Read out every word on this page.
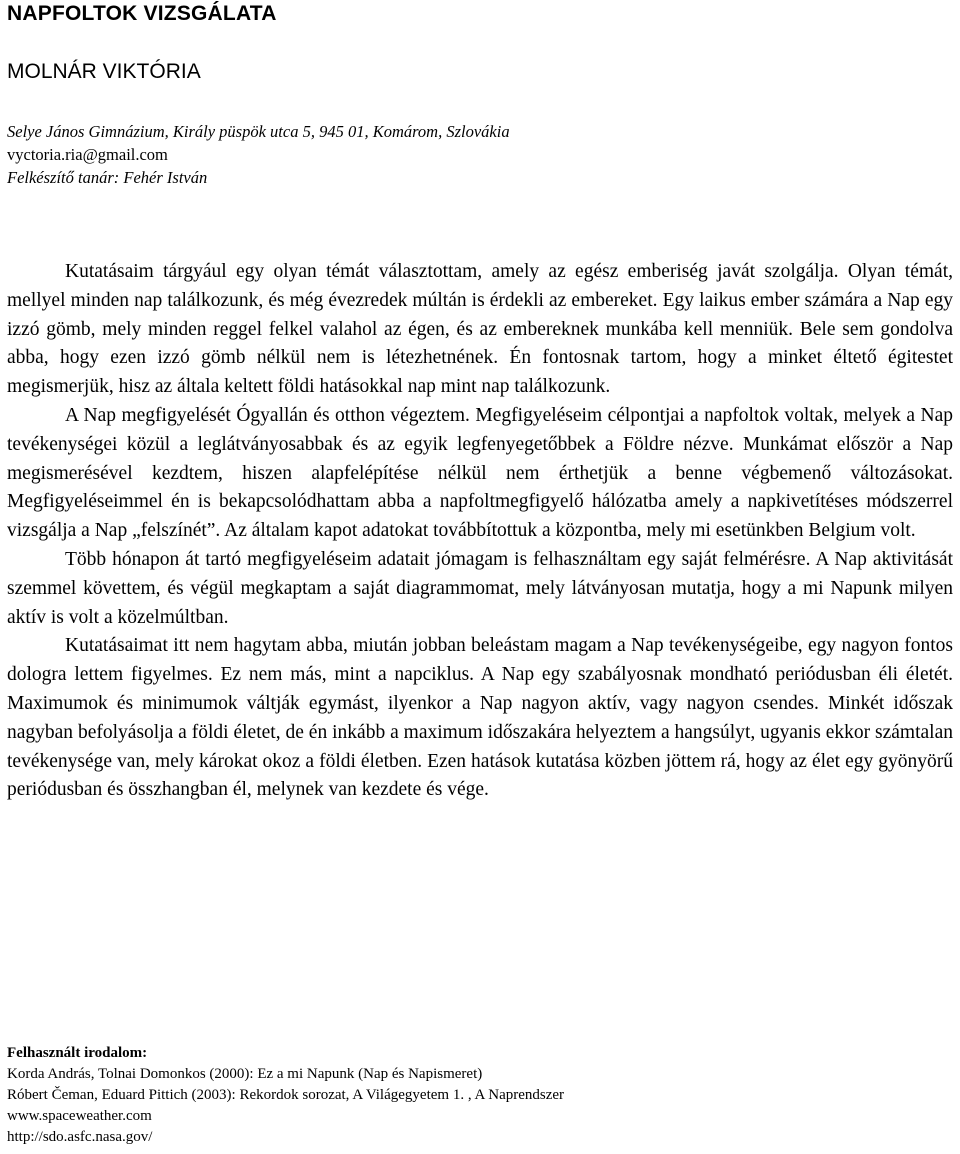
NAPFOLTOK VIZSGÁLATA
MOLNÁR VIKTÓRIA
Selye János Gimnázium, Király püspök utca 5, 945 01, Komárom, Szlovákia
vyctoria.ria@gmail.com
Felkészítő tanár: Fehér István

Kutatásaim tárgyául egy olyan témát választottam, amely az egész emberiség javát szolgálja. Olyan témát, mellyel minden nap találkozunk, és még évezredek múltán is érdekli az embereket. Egy laikus ember számára a Nap egy izzó gömb, mely minden reggel felkel valahol az égen, és az embereknek munkába kell menniük. Bele sem gondolva abba, hogy ezen izzó gömb nélkül nem is létezhetnének. Én fontosnak tartom, hogy a minket éltető égitestet megismerjük, hisz az általa keltett földi hatásokkal nap mint nap találkozunk.

A Nap megfigyelését Ógyallán és otthon végeztem. Megfigyeléseim célpontjai a napfoltok voltak, melyek a Nap tevékenységei közül a leglátványosabbak és az egyik legfenyegetőbbek a Földre nézve. Munkámat először a Nap megismerésével kezdtem, hiszen alapfelépítése nélkül nem érthetjük a benne végbemenő változásokat. Megfigyeléseimmel én is bekapcsolódhattam abba a napfoltmegfigyelő hálózatba amely a napkivetítéses módszerrel vizsgálja a Nap „felszínét”. Az általam kapot adatokat továbbítottuk a központba, mely mi esetünkben Belgium volt.

Több hónapon át tartó megfigyeléseim adatait jómagam is felhasználtam egy saját felmérésre. A Nap aktivitását szemmel követtem, és végül megkaptam a saját diagrammomat, mely látványosan mutatja, hogy a mi Napunk milyen aktív is volt a közelmúltban.

Kutatásaimat itt nem hagytam abba, miután jobban beleástam magam a Nap tevékenységeibe, egy nagyon fontos dologra lettem figyelmes. Ez nem más, mint a napciklus. A Nap egy szabályosnak mondható periódusban éli életét. Maximumok és minimumok váltják egymást, ilyenkor a Nap nagyon aktív, vagy nagyon csendes. Minkét időszak nagyban befolyásolja a földi életet, de én inkább a maximum időszakára helyeztem a hangsúlyt, ugyanis ekkor számtalan tevékenysége van, mely károkat okoz a földi életben. Ezen hatások kutatása közben jöttem rá, hogy az élet egy gyönyörű periódusban és összhangban él, melynek van kezdete és vége.

Felhasznált irodalom:
Korda András, Tolnai Domonkos (2000): Ez a mi Napunk (Nap és Napismeret)
Róbert Čeman, Eduard Pittich (2003): Rekordok sorozat, A Világegyetem 1. , A Naprendszer
www.spaceweather.com
http://sdo.asfc.nasa.gov/
